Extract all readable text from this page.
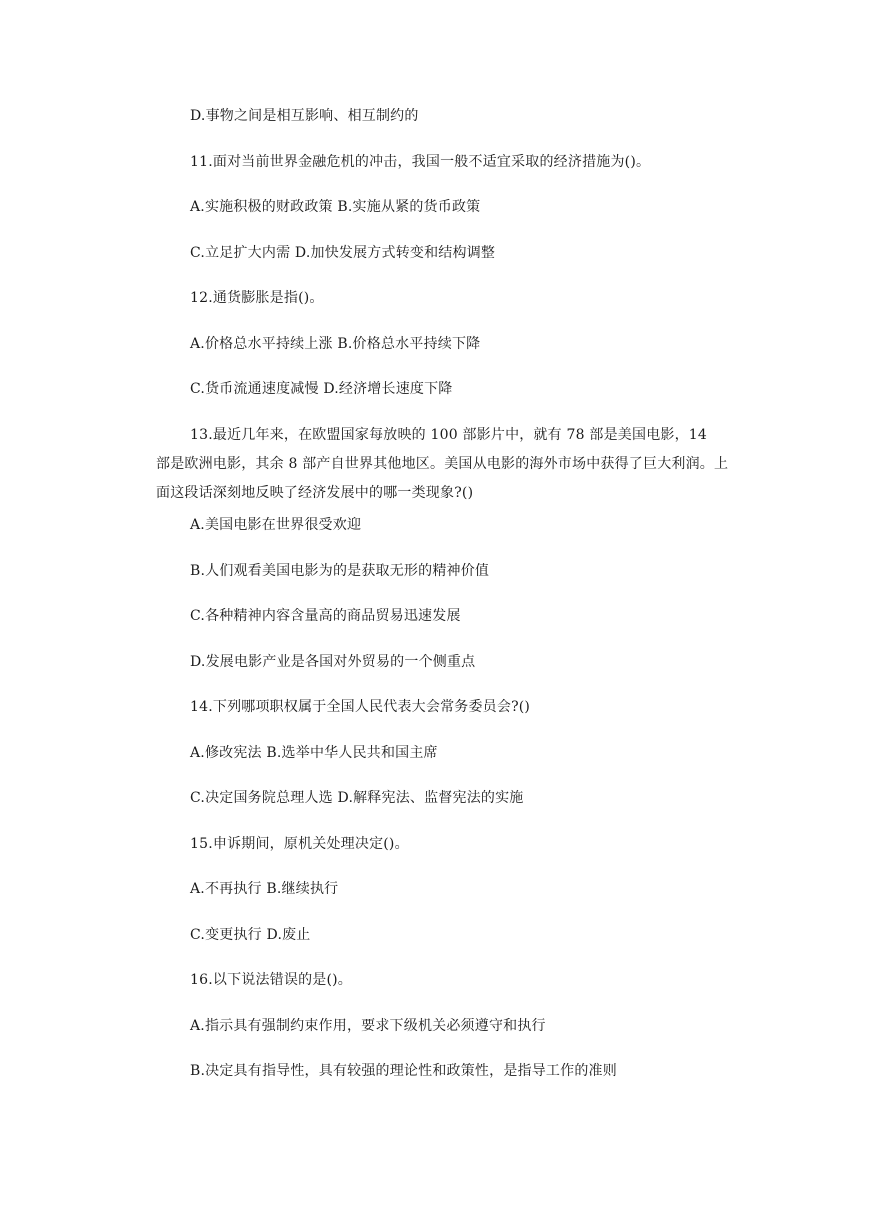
D.事物之间是相互影响、相互制约的
11.面对当前世界金融危机的冲击，我国一般不适宜采取的经济措施为()。
A.实施积极的财政政策 B.实施从紧的货币政策
C.立足扩大内需 D.加快发展方式转变和结构调整
12.通货膨胀是指()。
A.价格总水平持续上涨 B.价格总水平持续下降
C.货币流通速度减慢 D.经济增长速度下降
13.最近几年来，在欧盟国家每放映的 100 部影片中，就有 78 部是美国电影，14
部是欧洲电影，其余 8 部产自世界其他地区。美国从电影的海外市场中获得了巨大利润。上
面这段话深刻地反映了经济发展中的哪一类现象?()
A.美国电影在世界很受欢迎
B.人们观看美国电影为的是获取无形的精神价值
C.各种精神内容含量高的商品贸易迅速发展
D.发展电影产业是各国对外贸易的一个侧重点
14.下列哪项职权属于全国人民代表大会常务委员会?()
A.修改宪法 B.选举中华人民共和国主席
C.决定国务院总理人选 D.解释宪法、监督宪法的实施
15.申诉期间，原机关处理决定()。
A.不再执行 B.继续执行
C.变更执行 D.废止
16.以下说法错误的是()。
A.指示具有强制约束作用，要求下级机关必须遵守和执行
B.决定具有指导性，具有较强的理论性和政策性，是指导工作的准则
